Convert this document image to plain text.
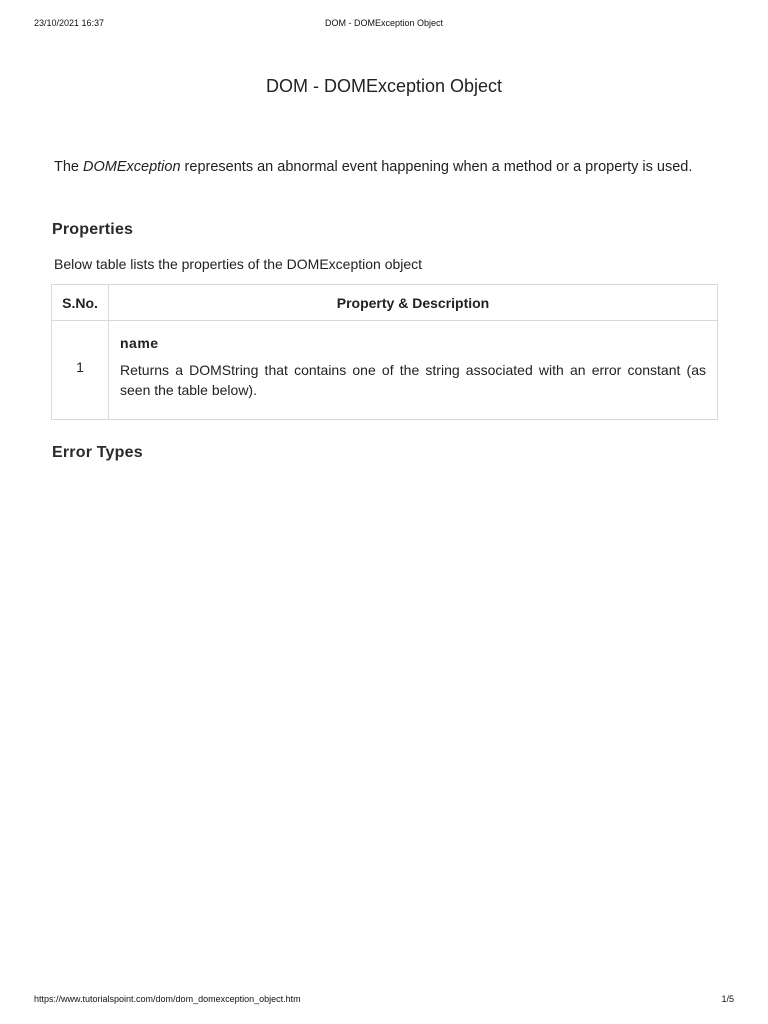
23/10/2021 16:37	DOM - DOMException Object
DOM - DOMException Object

The DOMException represents an abnormal event happening when a method or a property is used.

Properties

Below table lists the properties of the DOMException object

S.No.	Property & Description
1	name

Returns a DOMString that contains one of the string associated with an error constant (as seen the table below).

Error Types
https://www.tutorialspoint.com/dom/dom_domexception_object.htm	1/5
